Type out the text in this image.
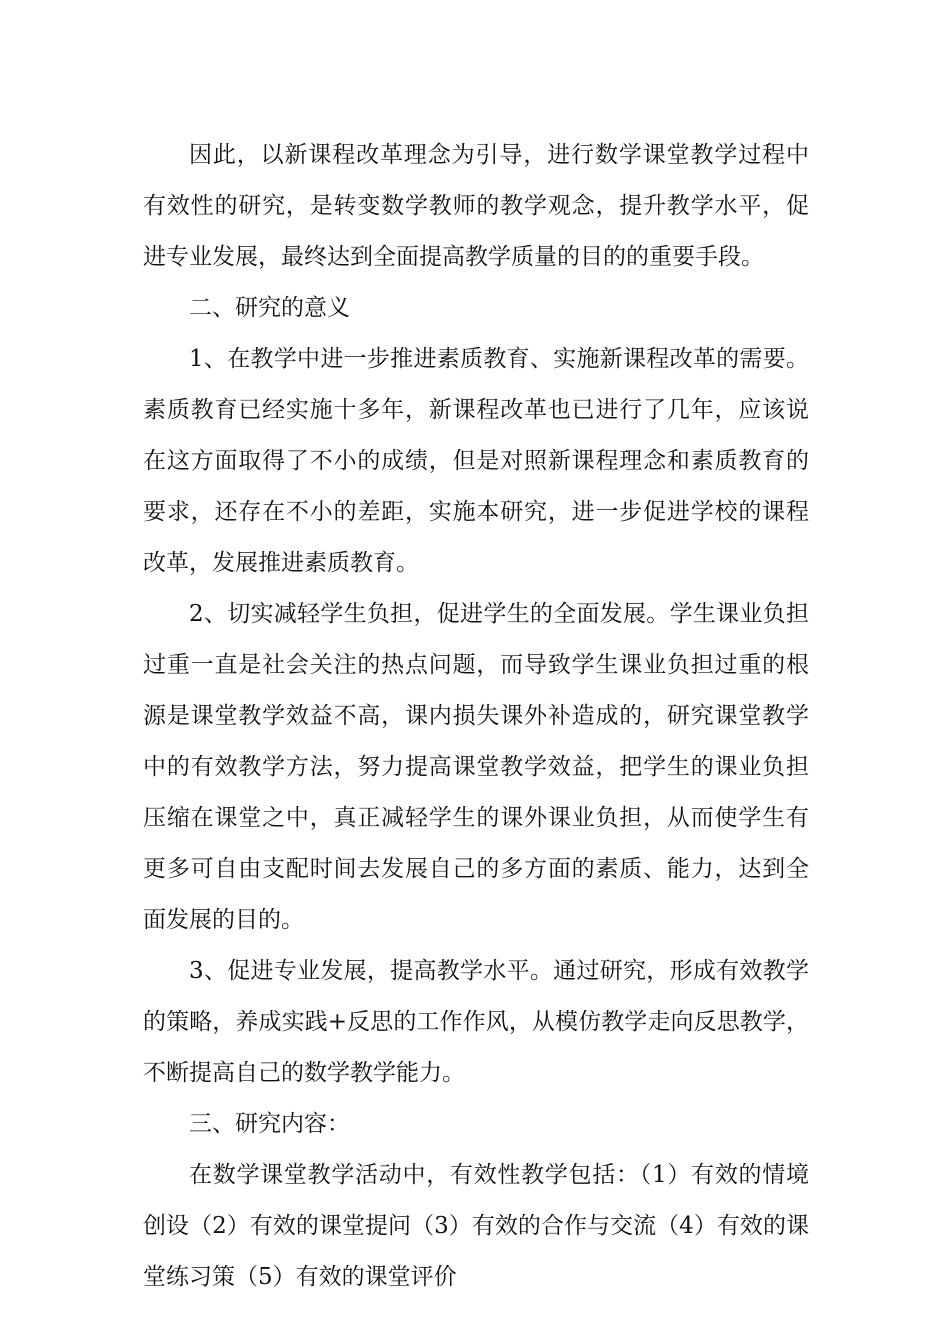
因此，以新课程改革理念为引导，进行数学课堂教学过程中有效性的研究，是转变数学教师的教学观念，提升教学水平，促进专业发展，最终达到全面提高教学质量的目的的重要手段。

二、研究的意义

1、在教学中进一步推进素质教育、实施新课程改革的需要。素质教育已经实施十多年，新课程改革也已进行了几年，应该说在这方面取得了不小的成绩，但是对照新课程理念和素质教育的要求，还存在不小的差距，实施本研究，进一步促进学校的课程改革，发展推进素质教育。

2、切实减轻学生负担，促进学生的全面发展。学生课业负担过重一直是社会关注的热点问题，而导致学生课业负担过重的根源是课堂教学效益不高，课内损失课外补造成的，研究课堂教学中的有效教学方法，努力提高课堂教学效益，把学生的课业负担压缩在课堂之中，真正减轻学生的课外课业负担，从而使学生有更多可自由支配时间去发展自己的多方面的素质、能力，达到全面发展的目的。

3、促进专业发展，提高教学水平。通过研究，形成有效教学的策略，养成实践+反思的工作作风，从模仿教学走向反思教学，不断提高自己的数学教学能力。

三、研究内容：

在数学课堂教学活动中，有效性教学包括：（1）有效的情境创设（2）有效的课堂提问（3）有效的合作与交流（4）有效的课堂练习策（5）有效的课堂评价
